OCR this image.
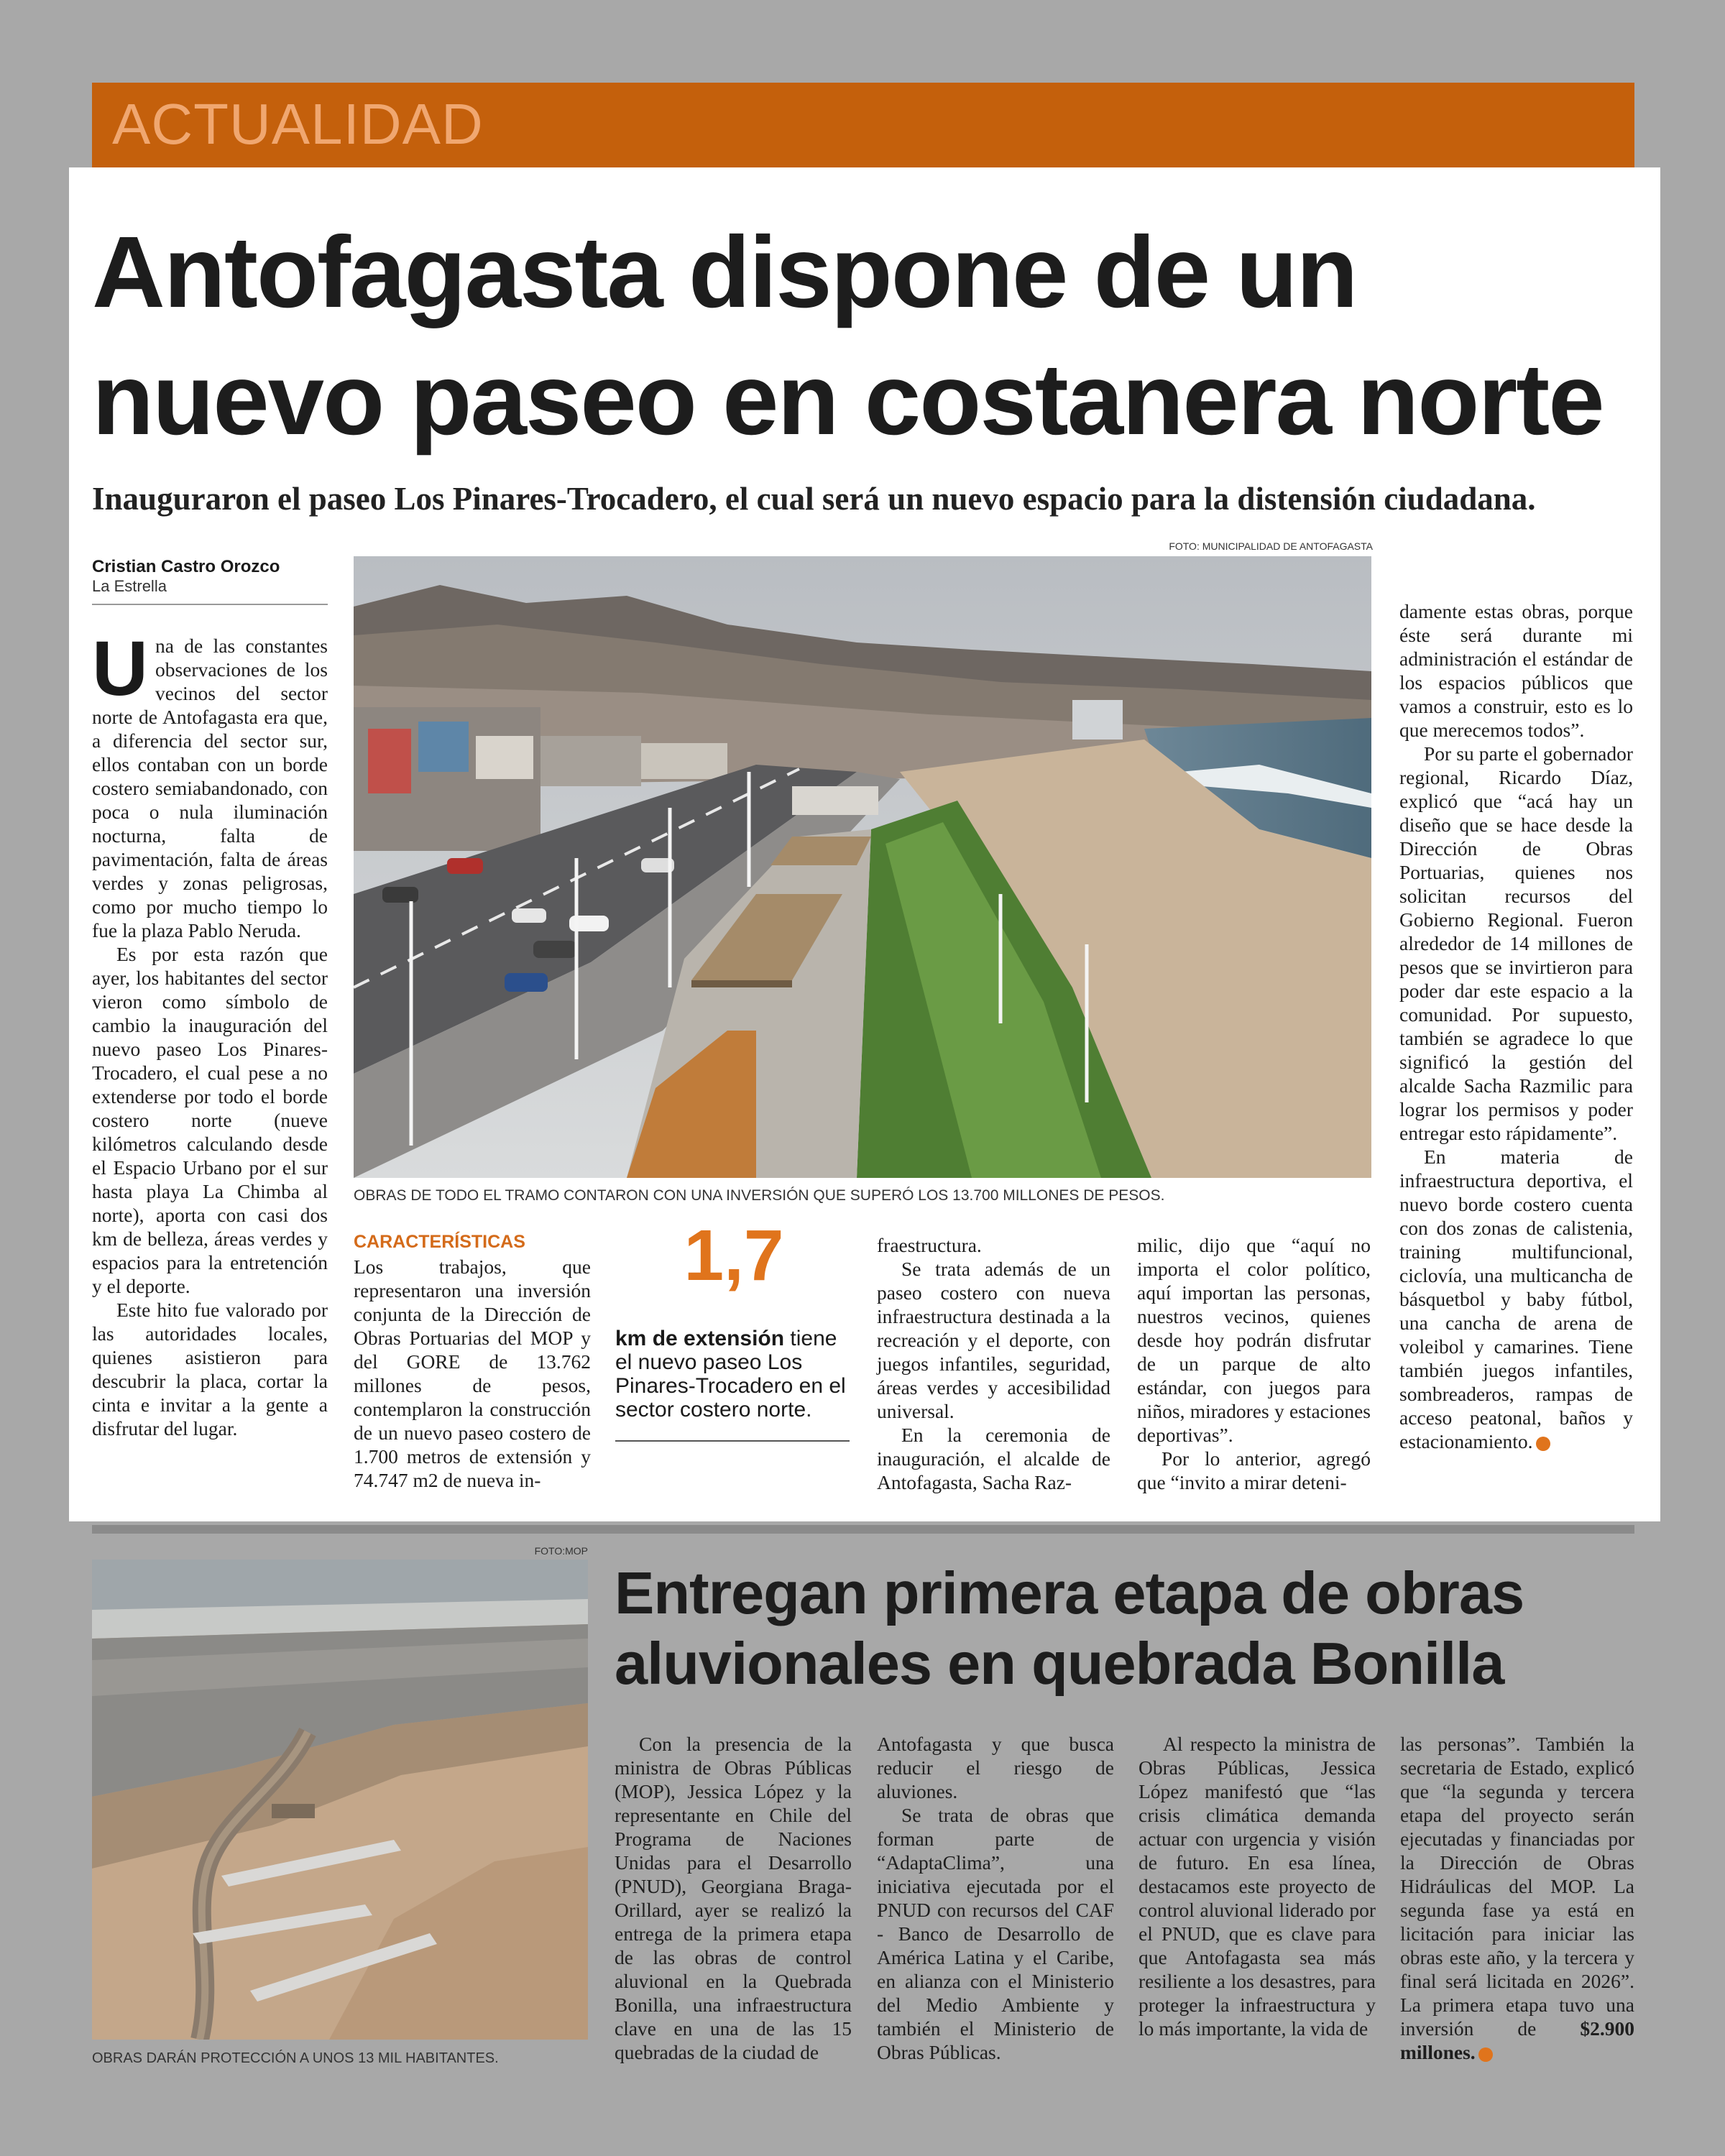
ACTUALIDAD
Antofagasta dispone de un nuevo paseo en costanera norte
Inauguraron el paseo Los Pinares-Trocadero, el cual será un nuevo espacio para la distensión ciudadana.
FOTO: MUNICIPALIDAD DE ANTOFAGASTA
Cristian Castro Orozco
La Estrella
OBRAS DE TODO EL TRAMO CONTARON CON UNA INVERSIÓN QUE SUPERÓ LOS 13.700 MILLONES DE PESOS.
U na de las constantes observaciones de los vecinos del sector norte de Antofagasta era que, a diferencia del sector sur, ellos contaban con un borde costero semiabandonado, con poca o nula iluminación nocturna, falta de pavimentación, falta de áreas verdes y zonas peligrosas, como por mucho tiempo lo fue la plaza Pablo Neruda.

Es por esta razón que ayer, los habitantes del sector vieron como símbolo de cambio la inauguración del nuevo paseo Los Pinares-Trocadero, el cual pese a no extenderse por todo el borde costero norte (nueve kilómetros calculando desde el Espacio Urbano por el sur hasta playa La Chimba al norte), aporta con casi dos km de belleza, áreas verdes y espacios para la entretención y el deporte.

Este hito fue valorado por las autoridades locales, quienes asistieron para descubrir la placa, cortar la cinta e invitar a la gente a disfrutar del lugar.

CARACTERÍSTICAS

Los trabajos, que representaron una inversión conjunta de la Dirección de Obras Portuarias del MOP y del GORE de 13.762 millones de pesos, contemplaron la construcción de un nuevo paseo costero de 1.700 metros de extensión y 74.747 m2 de nueva in-

1,7
km de extensión tiene el nuevo paseo Los Pinares-Trocadero en el sector costero norte.

fraestructura.

Se trata además de un paseo costero con nueva infraestructura destinada a la recreación y el deporte, con juegos infantiles, seguridad, áreas verdes y accesibilidad universal.

En la ceremonia de inauguración, el alcalde de Antofagasta, Sacha Raz-

milic, dijo que “aquí no importa el color político, aquí importan las personas, nuestros vecinos, quienes desde hoy podrán disfrutar de un parque de alto estándar, con juegos para niños, miradores y estaciones deportivas”.

Por lo anterior, agregó que “invito a mirar deteni-

damente estas obras, porque éste será durante mi administración el estándar de los espacios públicos que vamos a construir, esto es lo que merecemos todos”.

Por su parte el gobernador regional, Ricardo Díaz, explicó que “acá hay un diseño que se hace desde la Dirección de Obras Portuarias, quienes nos solicitan recursos del Gobierno Regional. Fueron alrededor de 14 millones de pesos que se invirtieron para poder dar este espacio a la comunidad. Por supuesto, también se agradece lo que significó la gestión del alcalde Sacha Razmilic para lograr los permisos y poder entregar esto rápidamente”.

En materia de infraestructura deportiva, el nuevo borde costero cuenta con dos zonas de calistenia, training multifuncional, ciclovía, una multicancha de básquetbol y baby fútbol, una cancha de arena de voleibol y camarines. Tiene también juegos infantiles, sombreaderos, rampas de acceso peatonal, baños y estacionamiento.

FOTO:MOP
OBRAS DARÁN PROTECCIÓN A UNOS 13 MIL HABITANTES.
Entregan primera etapa de obras aluvionales en quebrada Bonilla

Con la presencia de la ministra de Obras Públicas (MOP), Jessica López y la representante en Chile del Programa de Naciones Unidas para el Desarrollo (PNUD), Georgiana Braga-Orillard, ayer se realizó la entrega de la primera etapa de las obras de control aluvional en la Quebrada Bonilla, una infraestructura clave en una de las 15 quebradas de la ciudad de

Antofagasta y que busca reducir el riesgo de aluviones.

Se trata de obras que forman parte de “AdaptaClima”, una iniciativa ejecutada por el PNUD con recursos del CAF - Banco de Desarrollo de América Latina y el Caribe, en alianza con el Ministerio del Medio Ambiente y también el Ministerio de Obras Públicas.

Al respecto la ministra de Obras Públicas, Jessica López manifestó que “las crisis climática demanda actuar con urgencia y visión de futuro. En esa línea, destacamos este proyecto de control aluvional liderado por el PNUD, que es clave para que Antofagasta sea más resiliente a los desastres, para proteger la infraestructura y lo más importante, la vida de

las personas”. También la secretaria de Estado, explicó que “la segunda y tercera etapa del proyecto serán ejecutadas y financiadas por la Dirección de Obras Hidráulicas del MOP. La segunda fase ya está en licitación para iniciar las obras este año, y la tercera y final será licitada en 2026”. La primera etapa tuvo una inversión de $2.900 millones.
